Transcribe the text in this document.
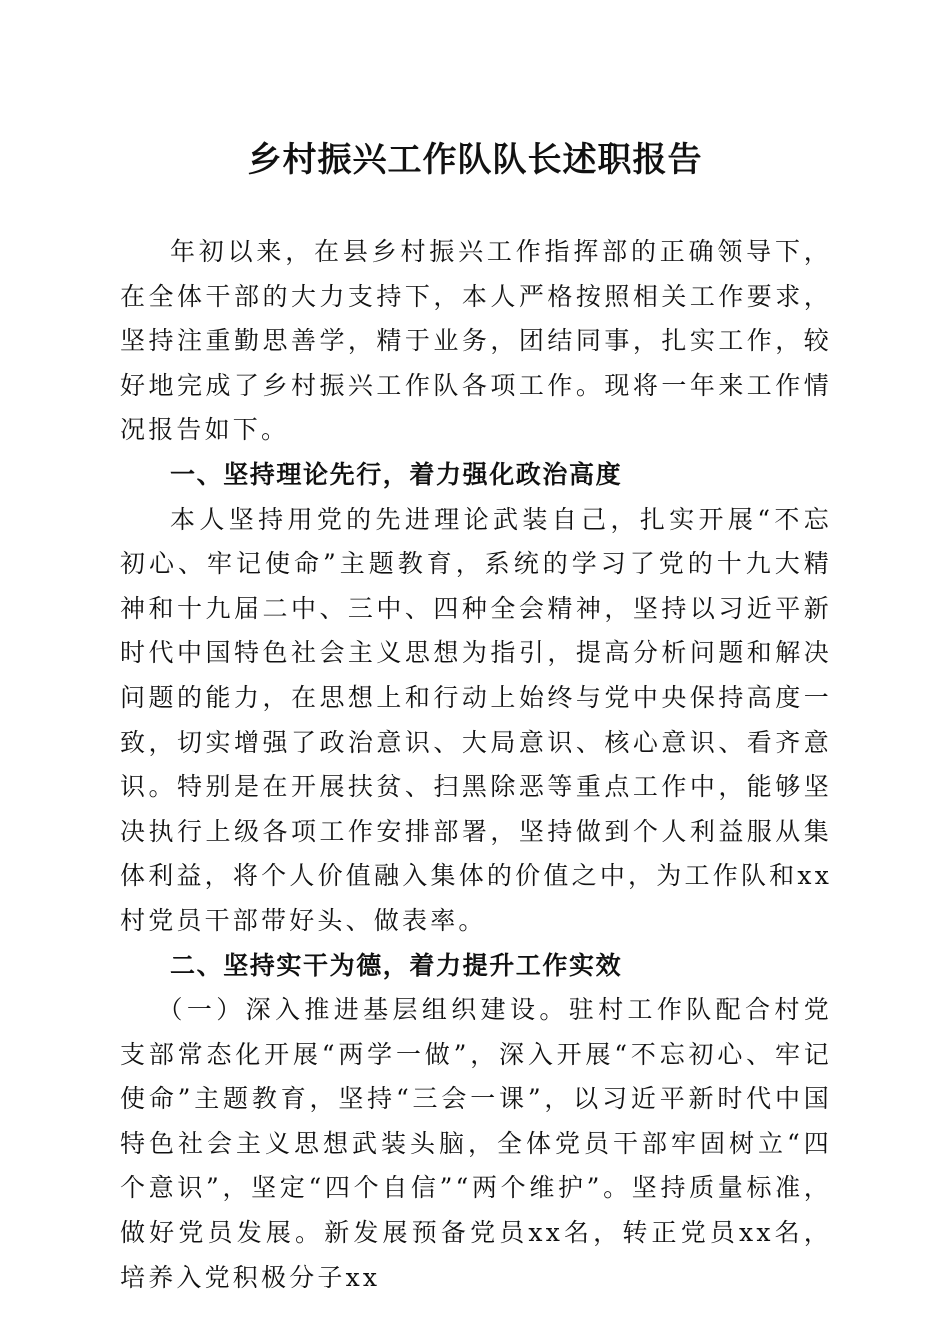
乡村振兴工作队队长述职报告

年初以来，在县乡村振兴工作指挥部的正确领导下，在全体干部的大力支持下，本人严格按照相关工作要求，坚持注重勤思善学，精于业务，团结同事，扎实工作，较好地完成了乡村振兴工作队各项工作。现将一年来工作情况报告如下。

一、坚持理论先行，着力强化政治高度

本人坚持用党的先进理论武装自己，扎实开展“不忘初心、牢记使命”主题教育，系统的学习了党的十九大精神和十九届二中、三中、四种全会精神，坚持以习近平新时代中国特色社会主义思想为指引，提高分析问题和解决问题的能力，在思想上和行动上始终与党中央保持高度一致，切实增强了政治意识、大局意识、核心意识、看齐意识。特别是在开展扶贫、扫黑除恶等重点工作中，能够坚决执行上级各项工作安排部署，坚持做到个人利益服从集体利益，将个人价值融入集体的价值之中，为工作队和xx村党员干部带好头、做表率。

二、坚持实干为德，着力提升工作实效

（一）深入推进基层组织建设。驻村工作队配合村党支部常态化开展“两学一做”，深入开展“不忘初心、牢记使命”主题教育，坚持“三会一课”，以习近平新时代中国特色社会主义思想武装头脑，全体党员干部牢固树立“四个意识”，坚定“四个自信”“两个维护”。坚持质量标准，做好党员发展。新发展预备党员xx名，转正党员xx名，培养入党积极分子xx
